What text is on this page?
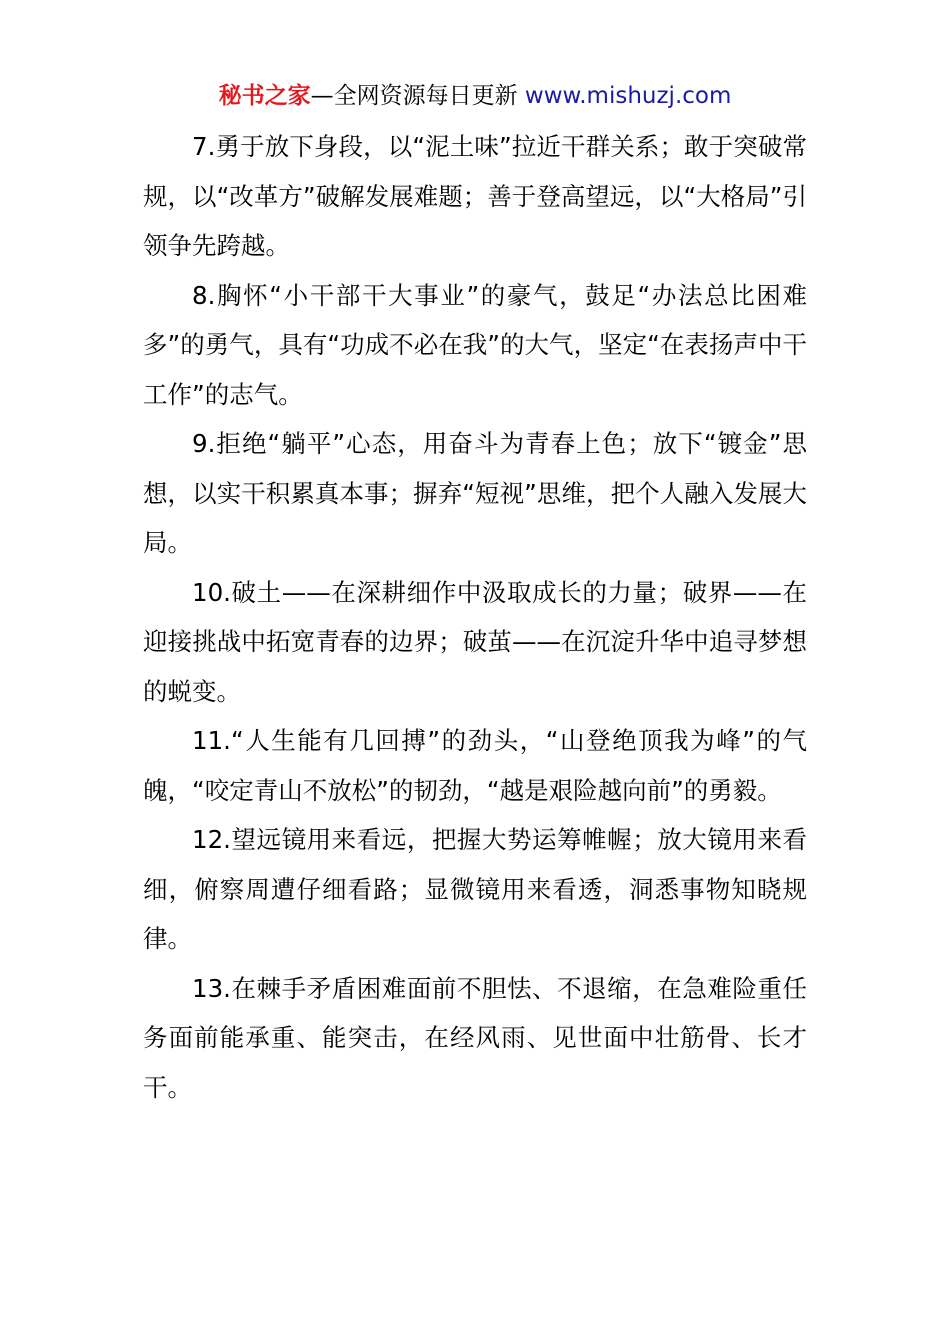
秘书之家—全网资源每日更新 www.mishuzj.com

7.勇于放下身段，以“泥土味”拉近干群关系；敢于突破常规，以“改革方”破解发展难题；善于登高望远，以“大格局”引领争先跨越。

8.胸怀“小干部干大事业”的豪气，鼓足“办法总比困难多”的勇气，具有“功成不必在我”的大气，坚定“在表扬声中干工作”的志气。

9.拒绝“躺平”心态，用奋斗为青春上色；放下“镀金”思想，以实干积累真本事；摒弃“短视”思维，把个人融入发展大局。

10.破土——在深耕细作中汲取成长的力量；破界——在迎接挑战中拓宽青春的边界；破茧——在沉淀升华中追寻梦想的蜕变。

11.“人生能有几回搏”的劲头，“山登绝顶我为峰”的气魄，“咬定青山不放松”的韧劲，“越是艰险越向前”的勇毅。

12.望远镜用来看远，把握大势运筹帷幄；放大镜用来看细，俯察周遭仔细看路；显微镜用来看透，洞悉事物知晓规律。

13.在棘手矛盾困难面前不胆怯、不退缩，在急难险重任务面前能承重、能突击，在经风雨、见世面中壮筋骨、长才干。
